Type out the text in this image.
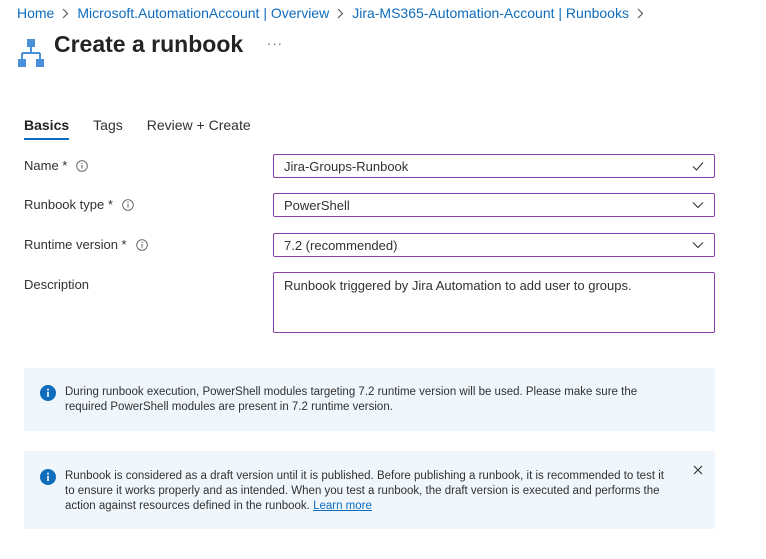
Home Microsoft.AutomationAccount | Overview Jira-MS365-Automation-Account | Runbooks
Create a runbook ···
Basics Tags Review + Create
Name *	Jira-Groups-Runbook
Runbook type *	PowerShell
Runtime version *	7.2 (recommended)
Description	Runbook triggered by Jira Automation to add user to groups.
During runbook execution, PowerShell modules targeting 7.2 runtime version will be used. Please make sure the required PowerShell modules are present in 7.2 runtime version.
Runbook is considered as a draft version until it is published. Before publishing a runbook, it is recommended to test it to ensure it works properly and as intended. When you test a runbook, the draft version is executed and performs the action against resources defined in the runbook. Learn more
